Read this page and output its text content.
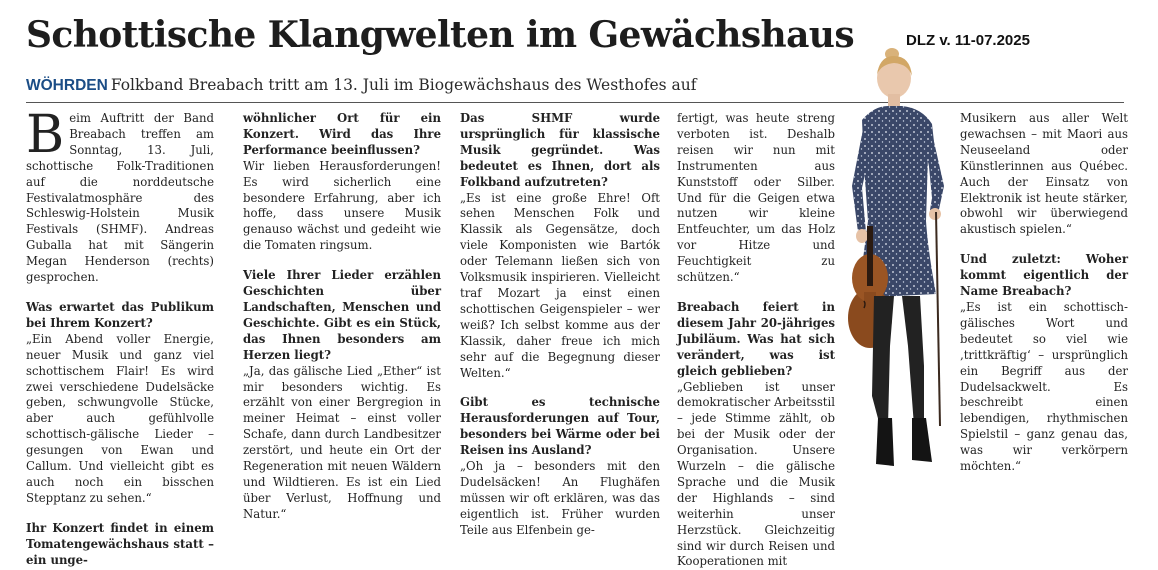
Schottische Klangwelten im Gewächshaus	DLZ v. 11-07.2025
WÖHRDEN Folkband Breabach tritt am 13. Juli im Biogewächshaus des Westhofes auf

Beim Auftritt der Band Breabach treffen am Sonntag, 13. Juli, schottische Folk-Traditionen auf die norddeutsche Festivalatmosphäre des Schleswig-Holstein Musik Festivals (SHMF). Andreas Guballa hat mit Sängerin Megan Henderson (rechts) gesprochen.

Was erwartet das Publikum bei Ihrem Konzert?

„Ein Abend voller Energie, neuer Musik und ganz viel schottischem Flair! Es wird zwei verschiedene Dudelsäcke geben, schwungvolle Stücke, aber auch gefühlvolle schottisch-gälische Lieder – gesungen von Ewan und Callum. Und vielleicht gibt es auch noch ein bisschen Stepptanz zu sehen.“

Ihr Konzert findet in einem Tomatengewächshaus statt – ein unge-

wöhnlicher Ort für ein Konzert. Wird das Ihre Performance beeinflussen?

Wir lieben Herausforderungen! Es wird sicherlich eine besondere Erfahrung, aber ich hoffe, dass unsere Musik genauso wächst und gedeiht wie die Tomaten ringsum.

Viele Ihrer Lieder erzählen Geschichten über Landschaften, Menschen und Geschichte. Gibt es ein Stück, das Ihnen besonders am Herzen liegt?

„Ja, das gälische Lied „Ether“ ist mir besonders wichtig. Es erzählt von einer Bergregion in meiner Heimat – einst voller Schafe, dann durch Landbesitzer zerstört, und heute ein Ort der Regeneration mit neuen Wäldern und Wildtieren. Es ist ein Lied über Verlust, Hoffnung und Natur.“

Das SHMF wurde ursprünglich für klassische Musik gegründet. Was bedeutet es Ihnen, dort als Folkband aufzutreten?

„Es ist eine große Ehre! Oft sehen Menschen Folk und Klassik als Gegensätze, doch viele Komponisten wie Bartók oder Telemann ließen sich von Volksmusik inspirieren. Vielleicht traf Mozart ja einst einen schottischen Geigenspieler – wer weiß? Ich selbst komme aus der Klassik, daher freue ich mich sehr auf die Begegnung dieser Welten.“

Gibt es technische Herausforderungen auf Tour, besonders bei Wärme oder bei Reisen ins Ausland?

„Oh ja – besonders mit den Dudelsäcken! An Flughäfen müssen wir oft erklären, was das eigentlich ist. Früher wurden Teile aus Elfenbein ge-

fertigt, was heute streng verboten ist. Deshalb reisen wir nun mit Instrumenten aus Kunststoff oder Silber. Und für die Geigen etwa nutzen wir kleine Entfeuchter, um das Holz vor Hitze und Feuchtigkeit zu schützen.“

Breabach feiert in diesem Jahr 20-jähriges Jubiläum. Was hat sich verändert, was ist gleich geblieben?

„Geblieben ist unser demokratischer Arbeitsstil – jede Stimme zählt, ob bei der Musik oder der Organisation. Unsere Wurzeln – die gälische Sprache und die Musik der Highlands – sind weiterhin unser Herzstück. Gleichzeitig sind wir durch Reisen und Kooperationen mit

Musikern aus aller Welt gewachsen – mit Maori aus Neuseeland oder Künstlerinnen aus Québec. Auch der Einsatz von Elektronik ist heute stärker, obwohl wir überwiegend akustisch spielen.“

Und zuletzt: Woher kommt eigentlich der Name Breabach?

„Es ist ein schottisch-gälisches Wort und bedeutet so viel wie ‚trittkräftig‘ – ursprünglich ein Begriff aus der Dudelsackwelt. Es beschreibt einen lebendigen, rhythmischen Spielstil – ganz genau das, was wir verkörpern möchten.“
